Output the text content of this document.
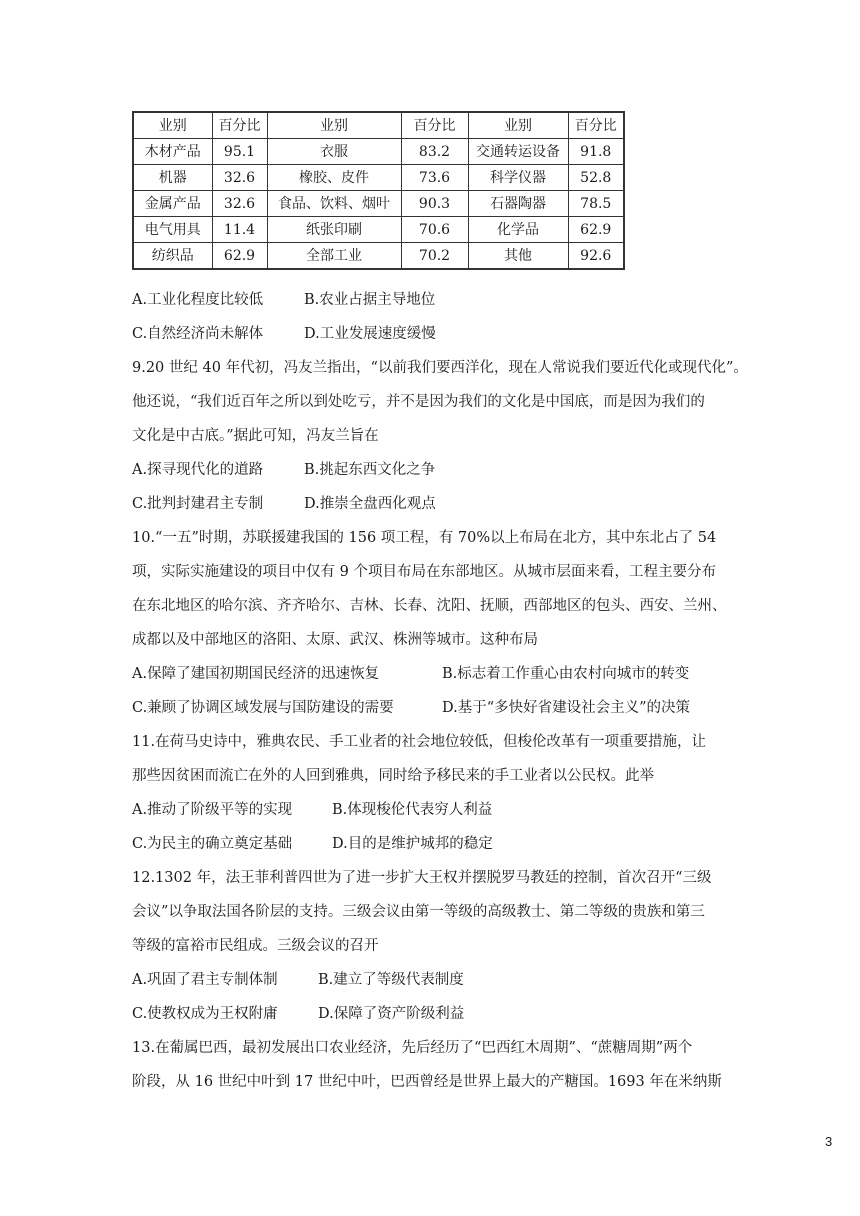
业别	百分比	业别	百分比	业别	百分比
木材产品	95.1	衣服	83.2	交通转运设备	91.8
机器	32.6	橡胶、皮件	73.6	科学仪器	52.8
金属产品	32.6	食品、饮料、烟叶	90.3	石器陶器	78.5
电气用具	11.4	纸张印刷	70.6	化学品	62.9
纺织品	62.9	全部工业	70.2	其他	92.6
A.工业化程度比较低	B.农业占据主导地位
C.自然经济尚未解体	D.工业发展速度缓慢
9.20 世纪 40 年代初，冯友兰指出，“以前我们要西洋化，现在人常说我们要近代化或现代化”。
他还说，“我们近百年之所以到处吃亏，并不是因为我们的文化是中国底，而是因为我们的
文化是中古底。”据此可知，冯友兰旨在
A.探寻现代化的道路	B.挑起东西文化之争
C.批判封建君主专制	D.推崇全盘西化观点
10.“一五”时期，苏联援建我国的 156 项工程，有 70%以上布局在北方，其中东北占了 54
项，实际实施建设的项目中仅有 9 个项目布局在东部地区。从城市层面来看，工程主要分布
在东北地区的哈尔滨、齐齐哈尔、吉林、长春、沈阳、抚顺，西部地区的包头、西安、兰州、
成都以及中部地区的洛阳、太原、武汉、株洲等城市。这种布局
A.保障了建国初期国民经济的迅速恢复	B.标志着工作重心由农村向城市的转变
C.兼顾了协调区域发展与国防建设的需要	D.基于“多快好省建设社会主义”的决策
11.在荷马史诗中，雅典农民、手工业者的社会地位较低，但梭伦改革有一项重要措施，让
那些因贫困而流亡在外的人回到雅典，同时给予移民来的手工业者以公民权。此举
A.推动了阶级平等的实现	B.体现梭伦代表穷人利益
C.为民主的确立奠定基础	D.目的是维护城邦的稳定
12.1302 年，法王菲利普四世为了进一步扩大王权并摆脱罗马教廷的控制，首次召开“三级
会议”以争取法国各阶层的支持。三级会议由第一等级的高级教士、第二等级的贵族和第三
等级的富裕市民组成。三级会议的召开
A.巩固了君主专制体制	B.建立了等级代表制度
C.使教权成为王权附庸	D.保障了资产阶级利益
13.在葡属巴西，最初发展出口农业经济，先后经历了“巴西红木周期”、“蔗糖周期”两个
阶段，从 16 世纪中叶到 17 世纪中叶，巴西曾经是世界上最大的产糖国。1693 年在米纳斯
3
